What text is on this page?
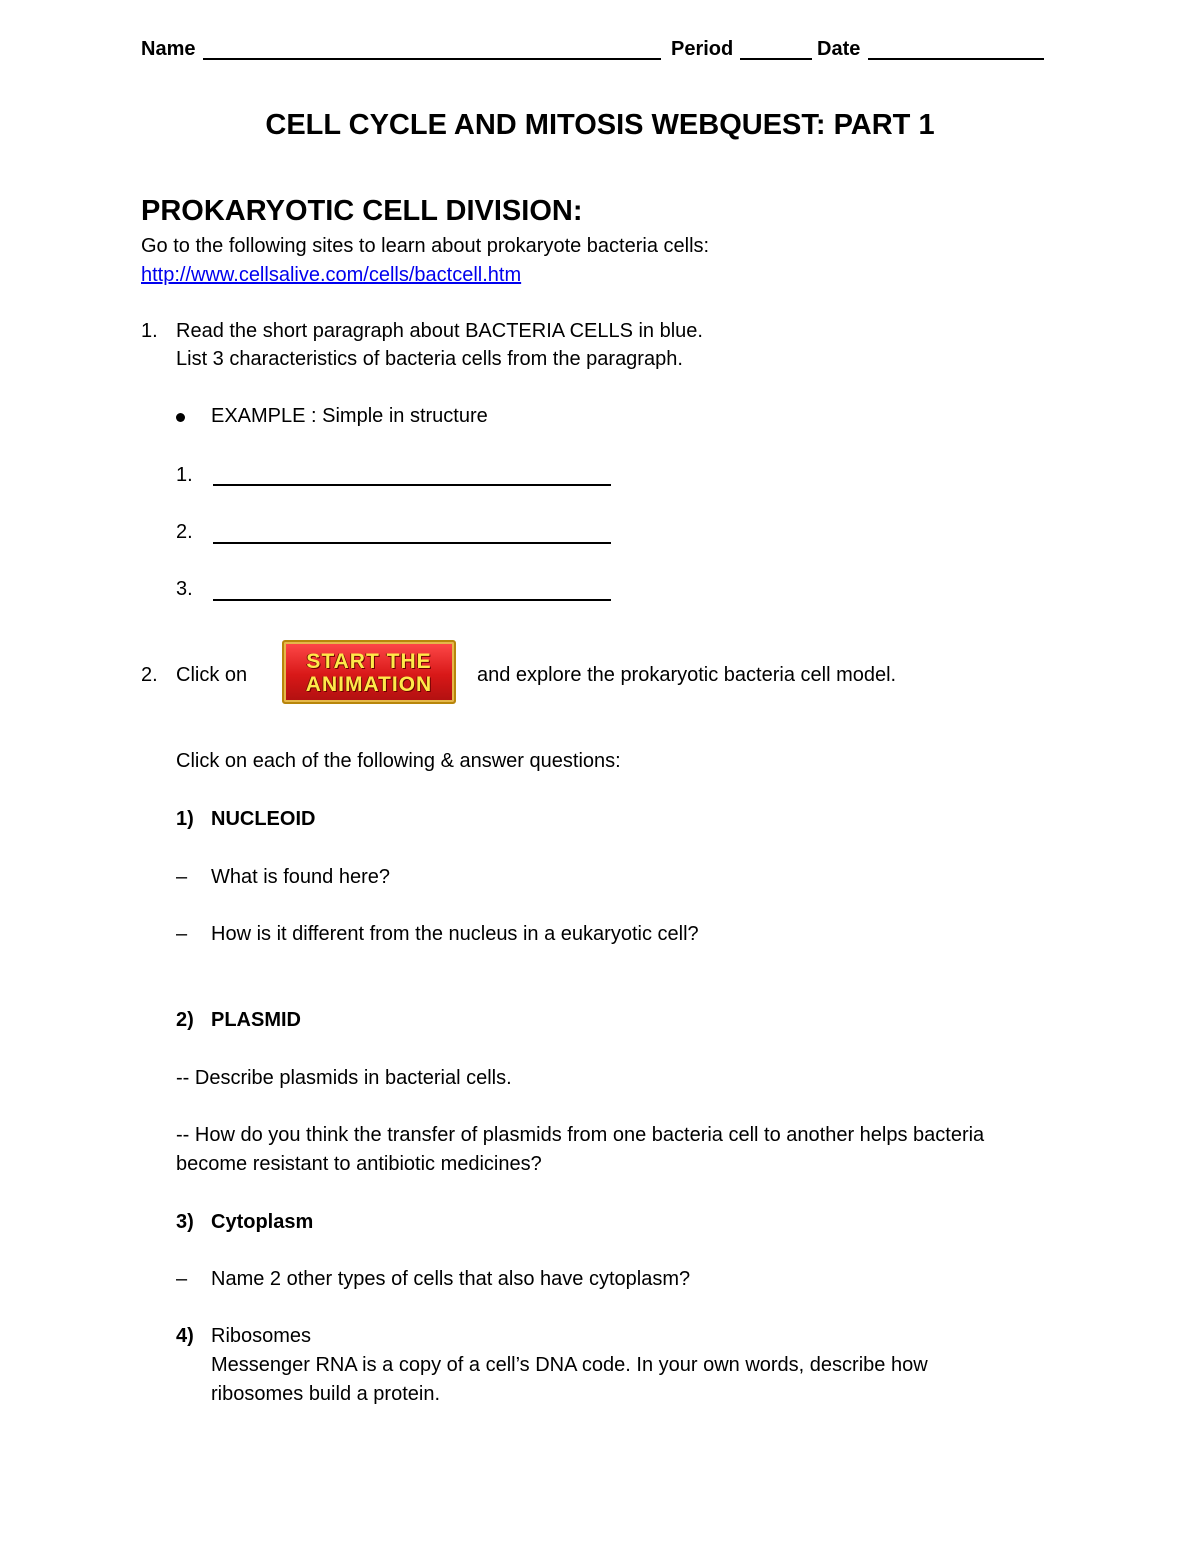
Name	Period	Date
CELL CYCLE AND MITOSIS WEBQUEST: PART 1
PROKARYOTIC CELL DIVISION:
Go to the following sites to learn about prokaryote bacteria cells:
http://www.cellsalive.com/cells/bactcell.htm
1. Read the short paragraph about BACTERIA CELLS in blue.
List 3 characteristics of bacteria cells from the paragraph.
EXAMPLE : Simple in structure
1.
2.
3.
2. Click on
START THE
ANIMATION	and explore the prokaryotic bacteria cell model.
Click on each of the following & answer questions:
1) NUCLEOID
– What is found here?
– How is it different from the nucleus in a eukaryotic cell?
2) PLASMID
-- Describe plasmids in bacterial cells.
-- How do you think the transfer of plasmids from one bacteria cell to another helps bacteria
become resistant to antibiotic medicines?
3) Cytoplasm
– Name 2 other types of cells that also have cytoplasm?
4) Ribosomes
Messenger RNA is a copy of a cell’s DNA code. In your own words, describe how
ribosomes build a protein.
